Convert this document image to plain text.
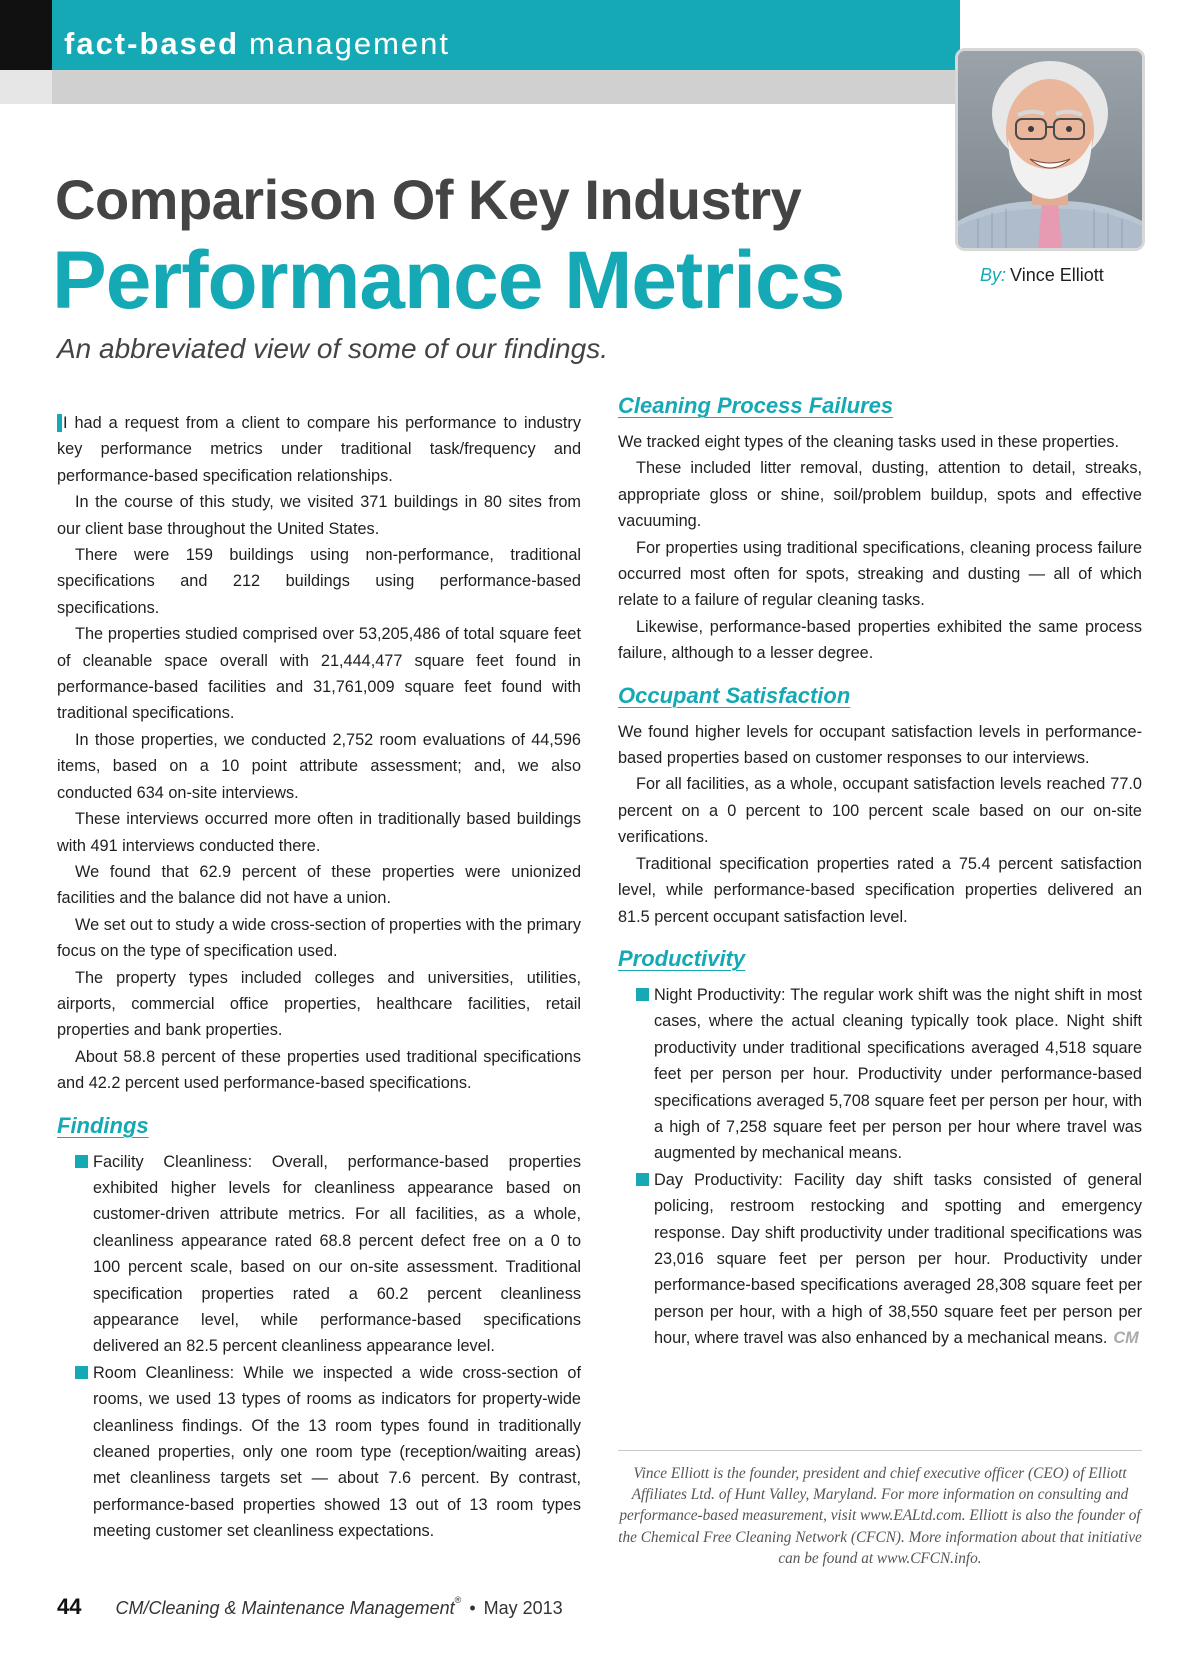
fact-based management
By: Vince Elliott
Comparison Of Key Industry
Performance Metrics
An abbreviated view of some of our findings.

I had a request from a client to compare his performance to industry key performance metrics under traditional task/frequency and performance-based specification relationships.

In the course of this study, we visited 371 buildings in 80 sites from our client base throughout the United States.

There were 159 buildings using non-performance, traditional specifications and 212 buildings using performance-based specifications.

The properties studied comprised over 53,205,486 of total square feet of cleanable space overall with 21,444,477 square feet found in performance-based facilities and 31,761,009 square feet found with traditional specifications.

In those properties, we conducted 2,752 room evaluations of 44,596 items, based on a 10 point attribute assessment; and, we also conducted 634 on-site interviews.

These interviews occurred more often in traditionally based buildings with 491 interviews conducted there.

We found that 62.9 percent of these properties were unionized facilities and the balance did not have a union.

We set out to study a wide cross-section of properties with the primary focus on the type of specification used.

The property types included colleges and universities, utilities, airports, commercial office properties, healthcare facilities, retail properties and bank properties.

About 58.8 percent of these properties used traditional specifications and 42.2 percent used performance-based specifications.

Findings
Facility Cleanliness: Overall, performance-based properties exhibited higher levels for cleanliness appearance based on customer-driven attribute metrics. For all facilities, as a whole, cleanliness appearance rated 68.8 percent defect free on a 0 to 100 percent scale, based on our on-site assessment. Traditional specification properties rated a 60.2 percent cleanliness appearance level, while performance-based specifications delivered an 82.5 percent cleanliness appearance level.
Room Cleanliness: While we inspected a wide cross-section of rooms, we used 13 types of rooms as indicators for property-wide cleanliness findings. Of the 13 room types found in traditionally cleaned properties, only one room type (reception/waiting areas) met cleanliness targets set — about 7.6 percent. By contrast, performance-based properties showed 13 out of 13 room types meeting customer set cleanliness expectations.
Cleaning Process Failures

We tracked eight types of the cleaning tasks used in these properties.

These included litter removal, dusting, attention to detail, streaks, appropriate gloss or shine, soil/problem buildup, spots and effective vacuuming.

For properties using traditional specifications, cleaning process failure occurred most often for spots, streaking and dusting — all of which relate to a failure of regular cleaning tasks.

Likewise, performance-based properties exhibited the same process failure, although to a lesser degree.

Occupant Satisfaction

We found higher levels for occupant satisfaction levels in performance-based properties based on customer responses to our interviews.

For all facilities, as a whole, occupant satisfaction levels reached 77.0 percent on a 0 percent to 100 percent scale based on our on-site verifications.

Traditional specification properties rated a 75.4 percent satisfaction level, while performance-based specification properties delivered an 81.5 percent occupant satisfaction level.

Productivity
Night Productivity: The regular work shift was the night shift in most cases, where the actual cleaning typically took place. Night shift productivity under traditional specifications averaged 4,518 square feet per person per hour. Productivity under performance-based specifications averaged 5,708 square feet per person per hour, with a high of 7,258 square feet per person per hour where travel was augmented by mechanical means.
Day Productivity: Facility day shift tasks consisted of general policing, restroom restocking and spotting and emergency response. Day shift productivity under traditional specifications was 23,016 square feet per person per hour. Productivity under performance-based specifications averaged 28,308 square feet per person per hour, with a high of 38,550 square feet per person per hour, where travel was also enhanced by a mechanical means. CM
Vince Elliott is the founder, president and chief executive officer (CEO) of Elliott Affiliates Ltd. of Hunt Valley, Maryland. For more information on consulting and performance-based measurement, visit www.EALtd.com. Elliott is also the founder of the Chemical Free Cleaning Network (CFCN). More information about that initiative can be found at www.CFCN.info.
44 CM/Cleaning & Maintenance Management® • May 2013
